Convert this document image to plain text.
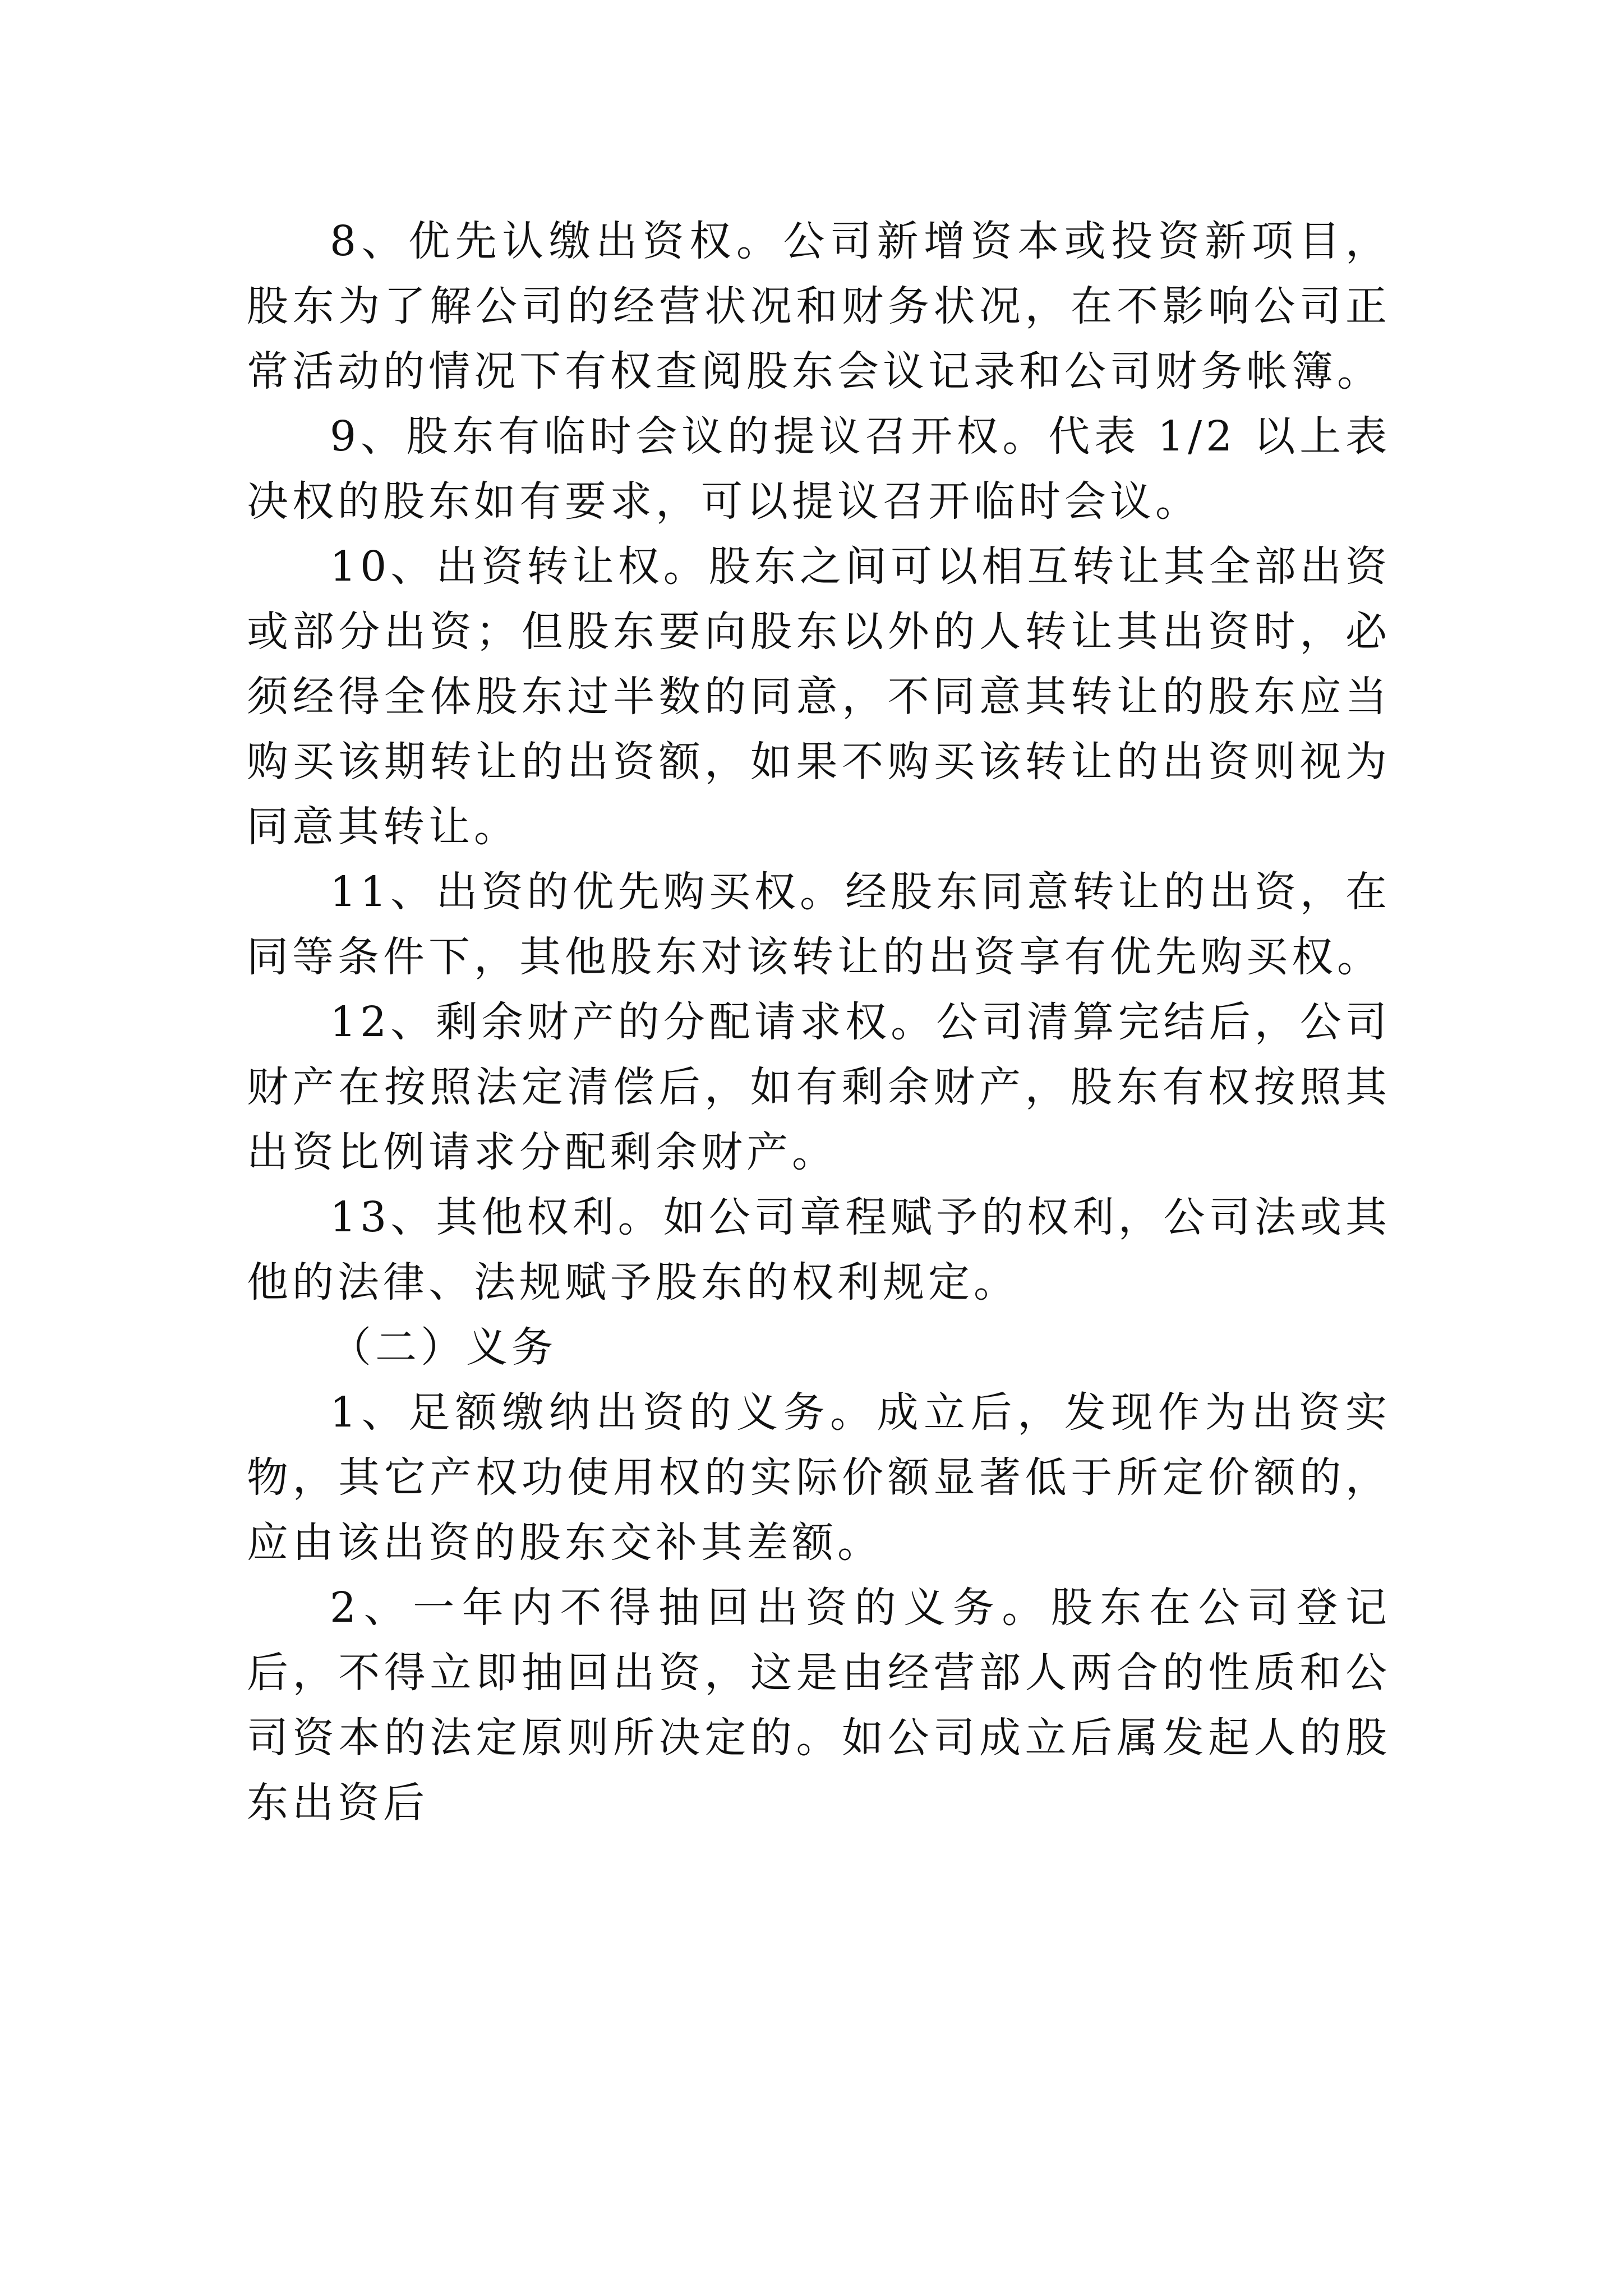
8、优先认缴出资权。公司新增资本或投资新项目，股东为了解公司的经营状况和财务状况，在不影响公司正常活动的情况下有权查阅股东会议记录和公司财务帐簿。

9、股东有临时会议的提议召开权。代表 1/2 以上表决权的股东如有要求，可以提议召开临时会议。

10、出资转让权。股东之间可以相互转让其全部出资或部分出资；但股东要向股东以外的人转让其出资时，必须经得全体股东过半数的同意，不同意其转让的股东应当购买该期转让的出资额，如果不购买该转让的出资则视为同意其转让。

11、出资的优先购买权。经股东同意转让的出资，在同等条件下，其他股东对该转让的出资享有优先购买权。

12、剩余财产的分配请求权。公司清算完结后，公司财产在按照法定清偿后，如有剩余财产，股东有权按照其出资比例请求分配剩余财产。

13、其他权利。如公司章程赋予的权利，公司法或其他的法律、法规赋予股东的权利规定。

（二）义务

1、足额缴纳出资的义务。成立后，发现作为出资实物，其它产权功使用权的实际价额显著低于所定价额的，应由该出资的股东交补其差额。

2、一年内不得抽回出资的义务。股东在公司登记后，不得立即抽回出资，这是由经营部人两合的性质和公司资本的法定原则所决定的。如公司成立后属发起人的股东出资后
